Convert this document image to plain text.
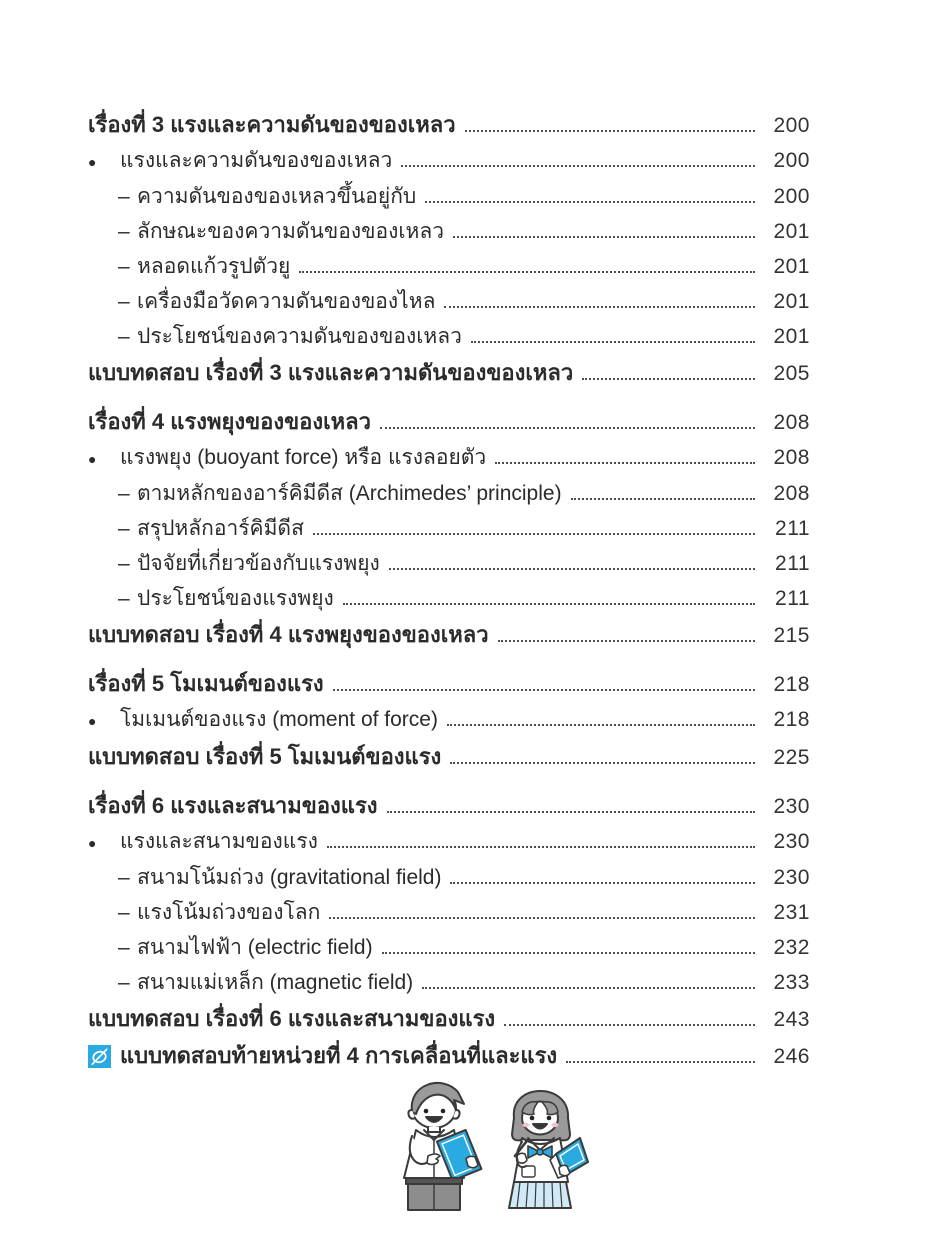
เรื่องที่ 3 แรงและความดันของของเหลว	200
●	แรงและความดันของของเหลว	200
– ความดันของของเหลวขึ้นอยู่กับ	200
– ลักษณะของความดันของของเหลว	201
– หลอดแก้วรูปตัวยู	201
– เครื่องมือวัดความดันของของไหล	201
– ประโยชน์ของความดันของของเหลว	201
แบบทดสอบ เรื่องที่ 3 แรงและความดันของของเหลว	205
เรื่องที่ 4 แรงพยุงของของเหลว	208
●	แรงพยุง (buoyant force) หรือ แรงลอยตัว	208
– ตามหลักของอาร์คิมีดีส (Archimedes’ principle)	208
– สรุปหลักอาร์คิมีดีส	211
– ปัจจัยที่เกี่ยวข้องกับแรงพยุง	211
– ประโยชน์ของแรงพยุง	211
แบบทดสอบ เรื่องที่ 4 แรงพยุงของของเหลว	215
เรื่องที่ 5 โมเมนต์ของแรง	218
●	โมเมนต์ของแรง (moment of force)	218
แบบทดสอบ เรื่องที่ 5 โมเมนต์ของแรง	225
เรื่องที่ 6 แรงและสนามของแรง	230
●	แรงและสนามของแรง	230
– สนามโน้มถ่วง (gravitational field)	230
– แรงโน้มถ่วงของโลก	231
– สนามไฟฟ้า (electric field)	232
– สนามแม่เหล็ก (magnetic field)	233
แบบทดสอบ เรื่องที่ 6 แรงและสนามของแรง	243
แบบทดสอบท้ายหน่วยที่ 4 การเคลื่อนที่และแรง	246
